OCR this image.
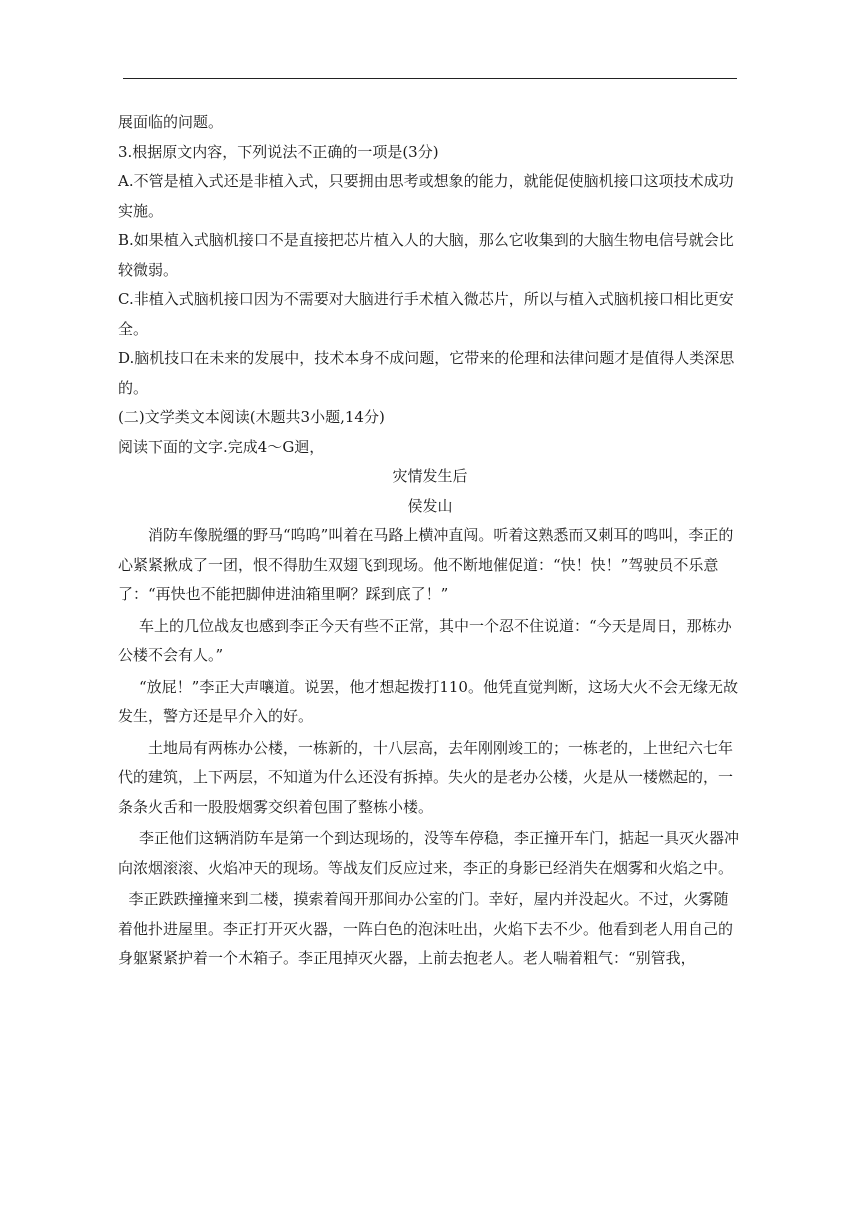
展面临的问题。

3.根据原文内容，下列说法不正确的一项是(3分)

A.不管是植入式还是非植入式，只要拥由思考或想象的能力，就能促使脑机接口这项技术成功实施。

B.如果植入式脑机接口不是直接把芯片植入人的大脑，那么它收集到的大脑生物电信号就会比较微弱。

C.非植入式脑机接口因为不需要对大脑进行手术植入微芯片，所以与植入式脑机接口相比更安全。

D.脑机技口在未来的发展中，技术本身不成问题，它带来的伦理和法律问题才是值得人类深思的。

(二)文学类文本阅读(木题共3小题,14分)

阅读下面的文字.完成4〜G迴，

灾情发生后

侯发山

消防车像脱缰的野马“呜呜”叫着在马路上横冲直闯。听着这熟悉而又刺耳的鸣叫，李正的心紧紧揪成了一团，恨不得肋生双翅飞到现场。他不断地催促道：“快！快！”驾驶员不乐意了：“再快也不能把脚伸进油箱里啊？踩到底了！”

车上的几位战友也感到李正今天有些不正常，其中一个忍不住说道：“今天是周日，那栋办公楼不会有人。”

“放屁！”李正大声嚷道。说罢，他才想起拨打110。他凭直觉判断，这场大火不会无缘无故发生，警方还是早介入的好。

土地局有两栋办公楼，一栋新的，十八层高，去年刚刚竣工的；一栋老的，上世纪六七年代的建筑，上下两层，不知道为什么还没有拆掉。失火的是老办公楼，火是从一楼燃起的，一条条火舌和一股股烟雾交织着包围了整栋小楼。

李正他们这辆消防车是第一个到达现场的，没等车停稳，李正撞开车门，掂起一具灭火器冲向浓烟滚滚、火焰冲天的现场。等战友们反应过来，李正的身影已经消失在烟雾和火焰之中。

李正跌跌撞撞来到二楼，摸索着闯开那间办公室的门。幸好，屋内并没起火。不过，火雾随着他扑进屋里。李正打开灭火器，一阵白色的泡沫吐出，火焰下去不少。他看到老人用自己的身躯紧紧护着一个木箱子。李正甩掉灭火器，上前去抱老人。老人喘着粗气：“别管我，
